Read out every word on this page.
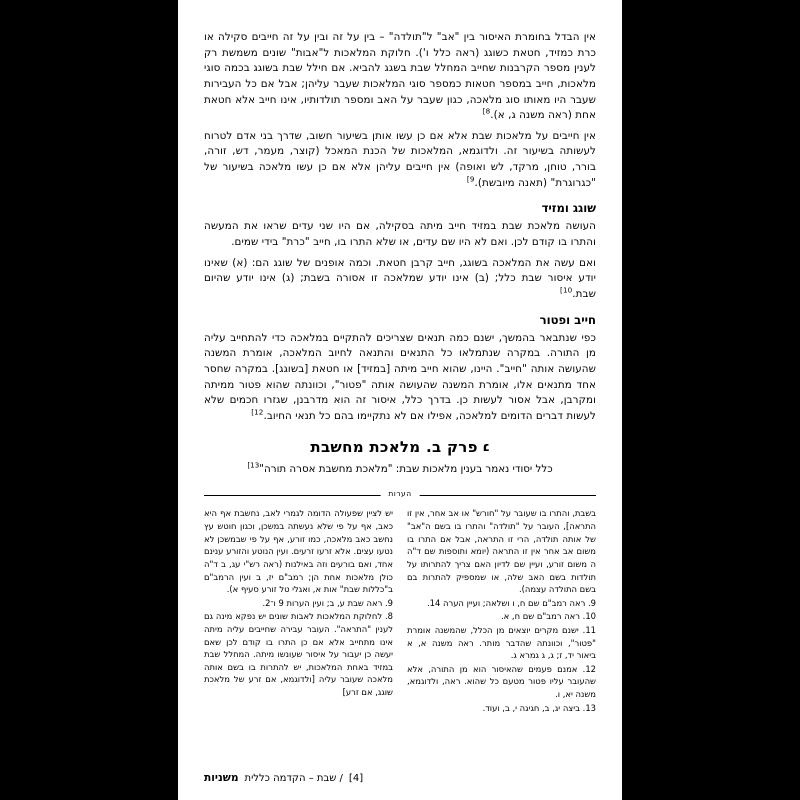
אין הבדל בחומרת האיסור בין "אב" ל"תולדה" – בין על זה ובין על זה חייבים סקילה או כרת כמזיד, חטאת כשוגג (ראה כלל ו'). חלוקת המלאכות ל"אבות" שונים משמשת רק לענין מספר הקרבנות שחייב המחלל שבת בשגג להביא. אם חילל שבת בשוגג בכמה סוגי מלאכות, חייב במספר חטאות כמספר סוגי המלאכות שעבר עליהן; אבל אם כל העבירות שעבר היו מאותו סוג מלאכה, כגון שעבר על האב ומספר תולדותיו, אינו חייב אלא חטאת אחת (ראה משנה ג, א).$^{8]}$

אין חייבים על מלאכות שבת אלא אם כן עשו אותן בשיעור חשוב, שדרך בני אדם לטרוח לעשותה בשיעור זה. ולדוגמא, המלאכות של הכנת המאכל (קוצר, מעמר, דש, זורה, בורר, טוחן, מרקד, לש ואופה) אין חייבים עליהן אלא אם כן עשו מלאכה בשיעור של "כגרוגרת" (תאנה מיובשת).$^{9]}$

שוגג ומזיד

העושה מלאכת שבת במזיד חייב מיתה בסקילה, אם היו שני עדים שראו את המעשה והתרו בו קודם לכן. ואם לא היו שם עדים, או שלא התרו בו, חייב "כרת" בידי שמים.

ואם עשה את המלאכה בשוגג, חייב קרבן חטאת. וכמה אופנים של שוגג הם: (א) שאינו יודע איסור שבת כלל; (ב) אינו יודע שמלאכה זו אסורה בשבת; (ג) אינו יודע שהיום שבת.$^{10]}$

חייב ופטור

כפי שנתבאר בהמשך, ישנם כמה תנאים שצריכים להתקיים במלאכה כדי להתחייב עליה מן התורה. במקרה שנתמלאו כל התנאים והתנאה לחיוב המלאכה, אומרת המשנה שהעושה אותה "חייב". היינו, שהוא חייב מיתה [במזיד] או חטאת [בשוגג]. במקרה שחסר אחד מתנאים אלו, אומרת המשנה שהעושה אותה "פטור", וכוונתה שהוא פטור ממיתה ומקרבן, אבל אסור לעשות כן. בדרך כלל, איסור זה הוא מדרבנן, שגזרו חכמים שלא לעשות דברים הדומים למלאכה, אפילו אם לא נתקיימו בהם כל תנאי החיוב.$^{12]}$

׆פרק ב. מלאכת מחשבת

כלל יסודי נאמר בענין מלאכות שבת: "מלאכת מחשבת אסרה תורה"$^{13]}$

הערות

בשבת, והתרו בו שעובר על "חורש" או אב אחר, אין זו התראה], העובר על "תולדה" והתרו בו בשם ה"אב" של אותה תולדה, הרי זו התראה, אבל אם התרו בו משום אב אחר אין זו התראה (יומא ותוספות שם ד"ה ה משום זורע, ועיין שם לדיון האם צריך להתרותו על תולדות בשם האב שלה, או שמספיק להתרות בם בשם התולדה עצמה).

9. ראה רמב"ם שם ח, ו ושלאה; ועיין הערה 14.

10. ראה רמב"ם שם ח, א.

11. ישנם מקרים יוצאים מן הכלל, שהמשנה אומרת "פטור", וכוונתה שהדבר מותר. ראה משנה א, א ביאור יד, ז; ג, ג גמרא ג.

12. אמנם פעמים שהאיסור הוא מן התורה, אלא שהעובר עליו פטור מטעם כל שהוא. ראה, ולדוגמא, משנה יא, ו.

13. ביצה יג, ב, חגיגה י, ב, ועוד.

יש לציין שפעולה הדומה לגמרי לאב, נחשבת אף היא כאב, אף על פי שלא נעשתה במשכן, וכגון חוטש עץ נחשב כאב מלאכה, כמו זורע, אף על פי שבמשכן לא נטעו עצים. אלא זרעו זרעים. ועין הנוטע והזורע ענינם אחד, ואם בורעים וזה באילנות (ראה רש"י עג, ב ד"ה כולן מלאכות אחת הן; רמב"ם יז, ב ועין הרמב"ם ב"כללות שבת" אות א, ואגלי טל זורע סעיף א).

9. ראה שבת ע, ב; ועין הערות 9 ו־2.

8. לחלוקת המלאכות לאבות שונים יש נפקא מינה גם לענין "התראה". העובר עבירה שחייבים עליה מיתה אינו מתחייב אלא אם כן התרו בו קודם לכן שאם יעשה כן יעבור על איסור שעונשו מיתה. המחלל שבת במזיד באחת המלאכות, יש להתרות בו בשם אותה מלאכה שעובר עליה [ולדוגמא, אם זרע של מלאכת שוגג, אם זרע]

משניות / שבת – הקדמה כללית [4]
